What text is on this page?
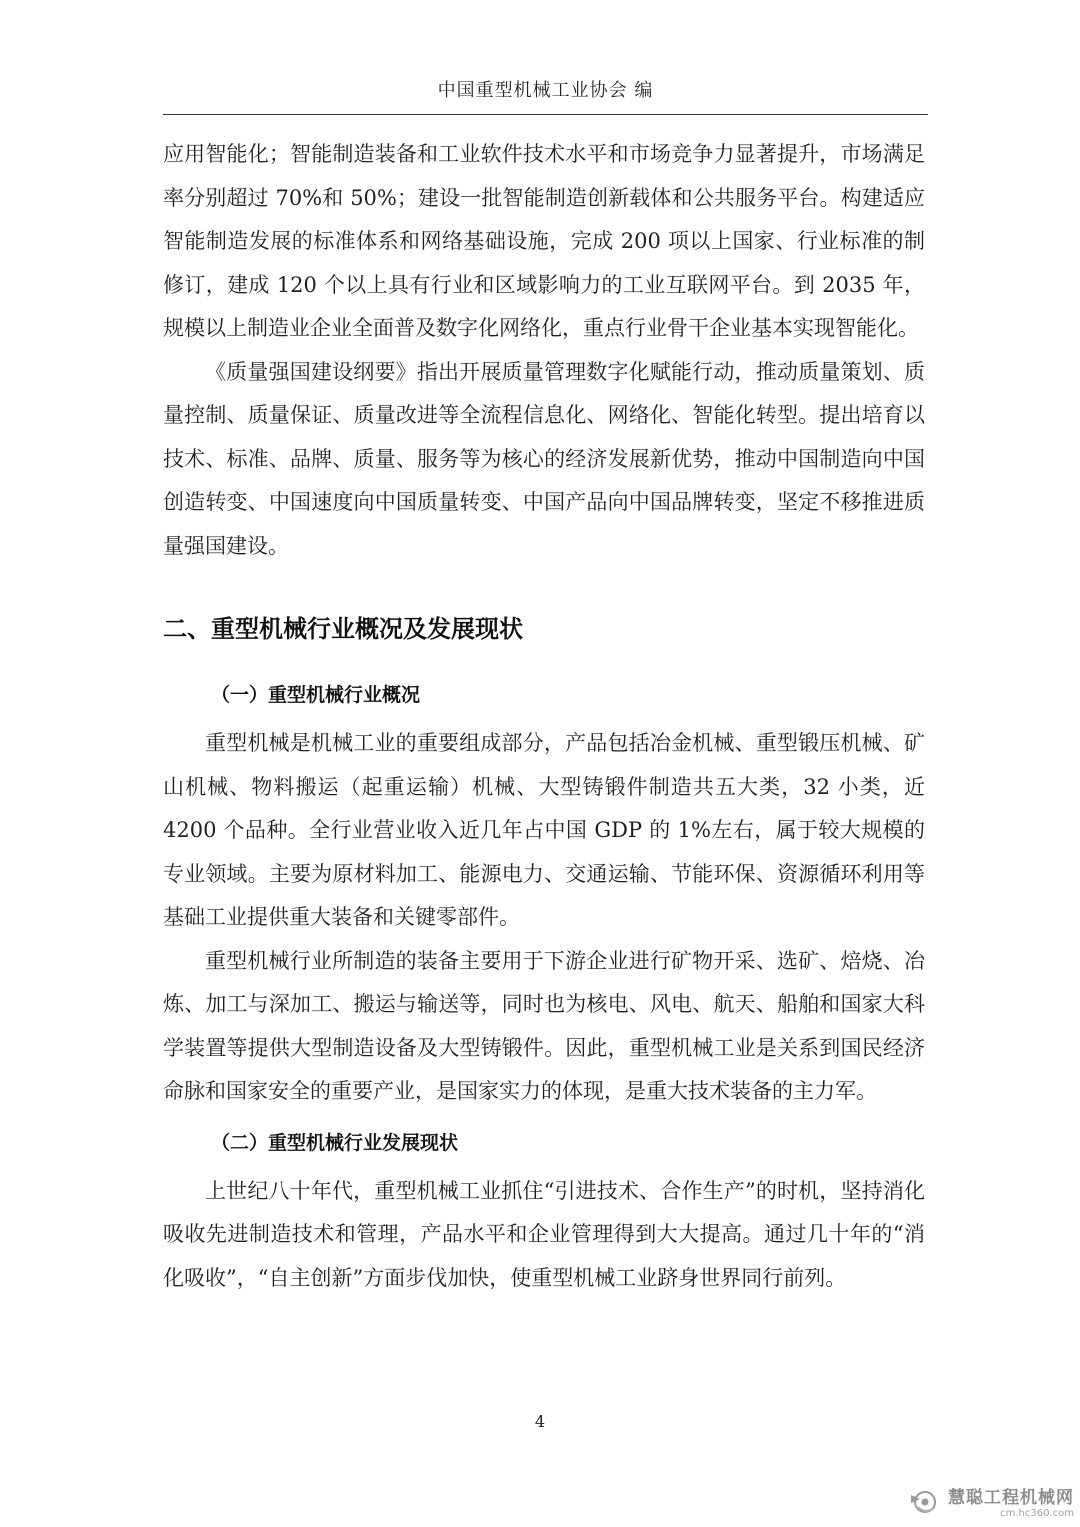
中国重型机械工业协会 编

应用智能化；智能制造装备和工业软件技术水平和市场竞争力显著提升，市场满足率分别超过 70%和 50%；建设一批智能制造创新载体和公共服务平台。构建适应智能制造发展的标准体系和网络基础设施，完成 200 项以上国家、行业标准的制修订，建成 120 个以上具有行业和区域影响力的工业互联网平台。到 2035 年，规模以上制造业企业全面普及数字化网络化，重点行业骨干企业基本实现智能化。

《质量强国建设纲要》指出开展质量管理数字化赋能行动，推动质量策划、质量控制、质量保证、质量改进等全流程信息化、网络化、智能化转型。提出培育以技术、标准、品牌、质量、服务等为核心的经济发展新优势，推动中国制造向中国创造转变、中国速度向中国质量转变、中国产品向中国品牌转变，坚定不移推进质量强国建设。

二、重型机械行业概况及发展现状
（一）重型机械行业概况

重型机械是机械工业的重要组成部分，产品包括冶金机械、重型锻压机械、矿山机械、物料搬运（起重运输）机械、大型铸锻件制造共五大类，32 小类，近 4200 个品种。全行业营业收入近几年占中国 GDP 的 1%左右，属于较大规模的专业领域。主要为原材料加工、能源电力、交通运输、节能环保、资源循环利用等基础工业提供重大装备和关键零部件。

重型机械行业所制造的装备主要用于下游企业进行矿物开采、选矿、焙烧、冶炼、加工与深加工、搬运与输送等，同时也为核电、风电、航天、船舶和国家大科学装置等提供大型制造设备及大型铸锻件。因此，重型机械工业是关系到国民经济命脉和国家安全的重要产业，是国家实力的体现，是重大技术装备的主力军。

（二）重型机械行业发展现状

上世纪八十年代，重型机械工业抓住“引进技术、合作生产”的时机，坚持消化吸收先进制造技术和管理，产品水平和企业管理得到大大提高。通过几十年的“消化吸收”，“自主创新”方面步伐加快，使重型机械工业跻身世界同行前列。

4
慧聪工程机械网
cm.hc360.com
